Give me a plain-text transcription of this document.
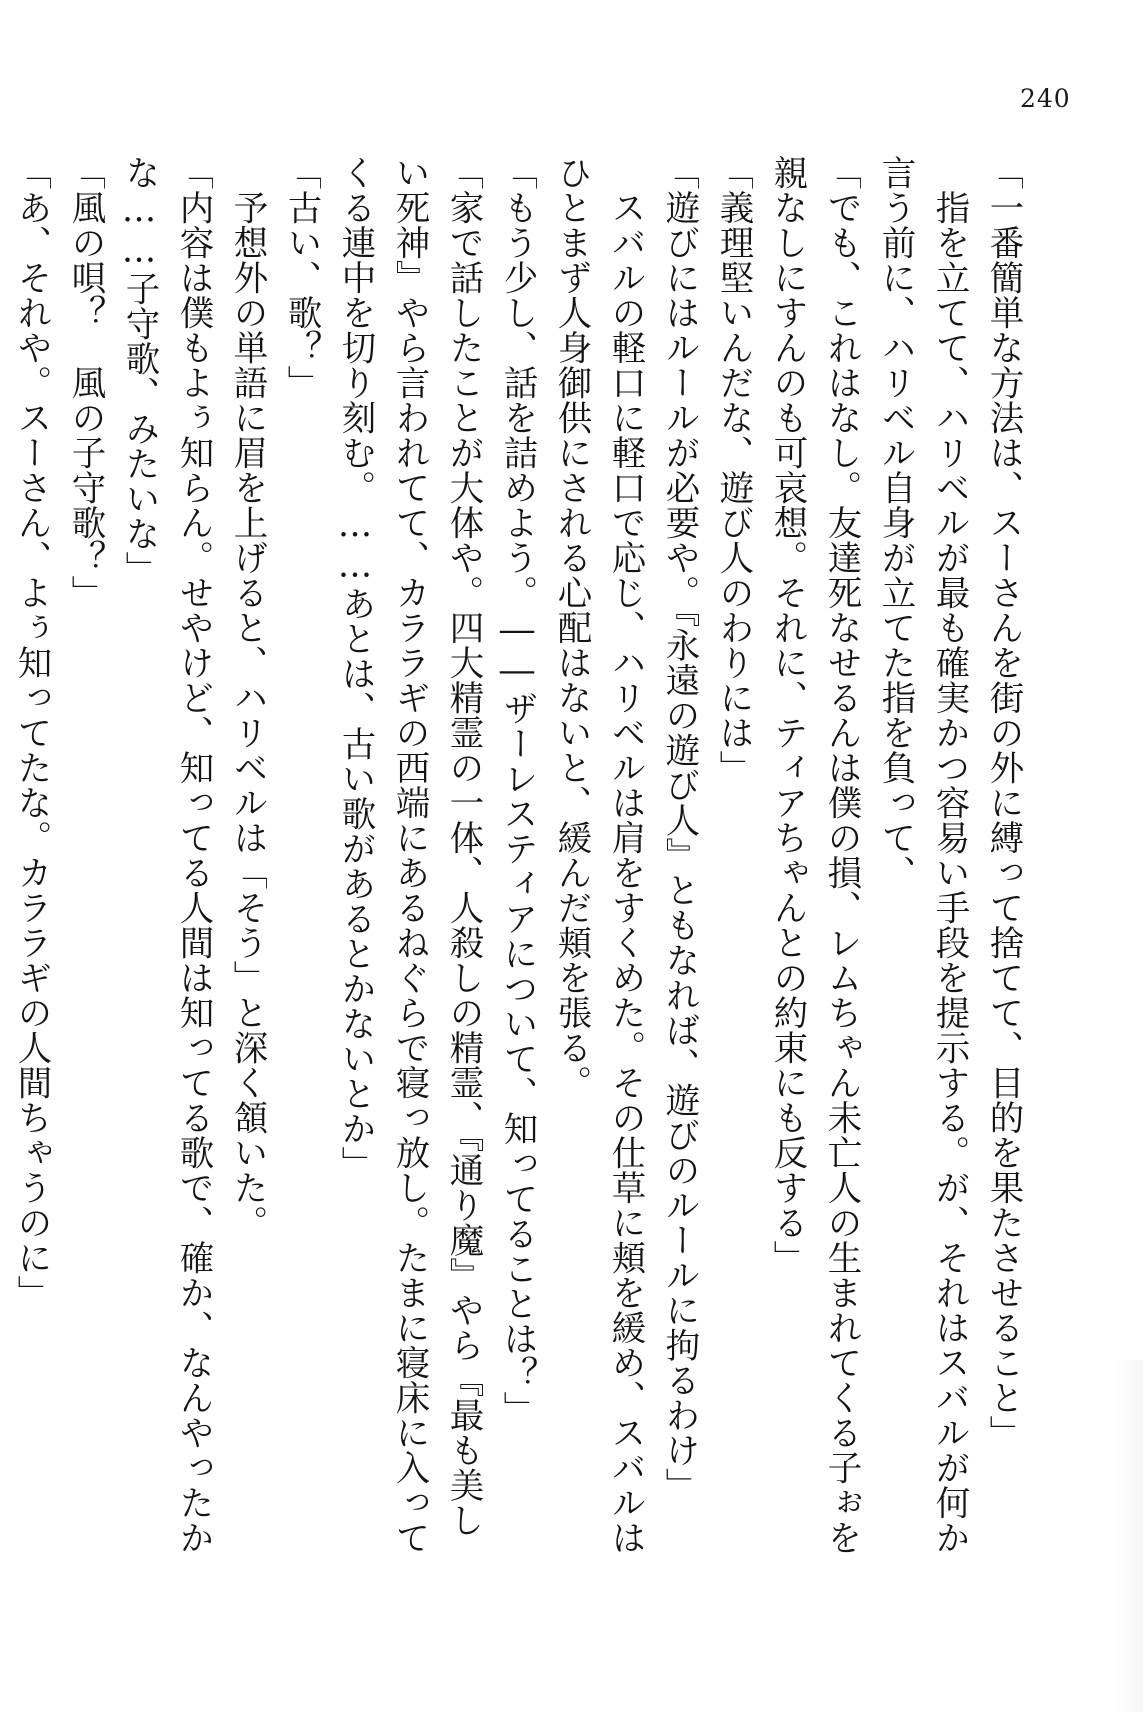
240
「一番簡単な方法は、スーさんを街の外に縛って捨てて、目的を果たさせること」
指を立てて、ハリベルが最も確実かつ容易い手段を提示する。が、それはスバルが何か
言う前に、ハリベル自身が立てた指を負って、
「でも、これはなし。友達死なせるんは僕の損、レムちゃん未亡人の生まれてくる子ぉを
親なしにすんのも可哀想。それに、ティアちゃんとの約束にも反する」
「義理堅いんだな、遊び人のわりには」
「遊びにはルールが必要や。『永遠の遊び人』ともなれば、遊びのルールに拘るわけ」
スバルの軽口に軽口で応じ、ハリベルは肩をすくめた。その仕草に頬を緩め、スバルは
ひとまず人身御供にされる心配はないと、緩んだ頬を張る。
「もう少し、話を詰めよう。――ザーレスティアについて、知ってることは？」
「家で話したことが大体や。四大精霊の一体、人殺しの精霊、『通り魔』やら『最も美し
い死神』やら言われてて、カララギの西端にあるねぐらで寝っ放し。たまに寝床に入って
くる連中を切り刻む。……あとは、古い歌があるとかないとか」
「古い、歌？」
予想外の単語に眉を上げると、ハリベルは「そう」と深く頷いた。
「内容は僕もよぅ知らん。せやけど、知ってる人間は知ってる歌で、確か、なんやったか
な……子守歌、みたいな」
「風の唄？　風の子守歌？」
「あ、それや。スーさん、よぅ知ってたな。カララギの人間ちゃうのに」
